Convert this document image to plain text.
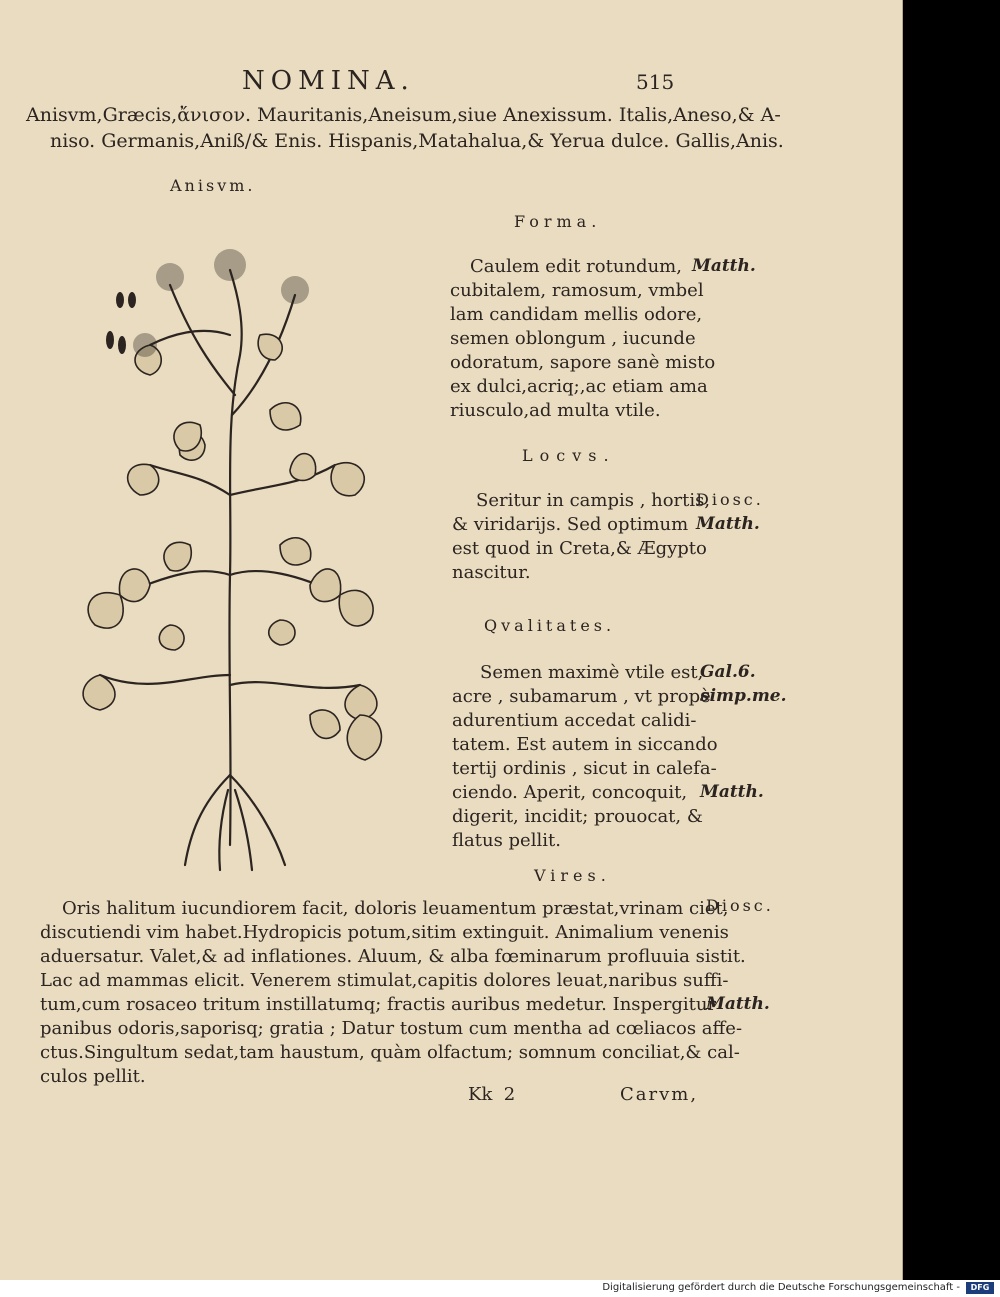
NOMINA.	515
Anisvm,Græcis,ἄνισον. Mauritanis,Aneisum,siue Anexissum. Italis,Aneso,& A-
niso. Germanis,Aniß/& Enis. Hispanis,Matahalua,& Yerua dulce. Gallis,Anis.
Anisvm.
Forma.
Caulem edit rotundum,
cubitalem, ramosum, vmbel
lam candidam mellis odore,
semen oblongum , iucunde
odoratum, sapore sanè misto
ex dulci,acriq;,ac etiam ama
riusculo,ad multa vtile.
Matth.
Locvs.
Seritur in campis , hortis,
& viridarijs. Sed optimum
est quod in Creta,& Ægypto
nascitur.
Diosc.
Matth.
Qvalitates.
Semen maximè vtile est,
acre , subamarum , vt propè
adurentium accedat calidi-
tatem. Est autem in siccando
tertij ordinis , sicut in calefa-
ciendo. Aperit, concoquit,
digerit, incidit; prouocat, &
flatus pellit.
Gal.6.
simp.me.
Matth.
Vires.
Oris halitum iucundiorem facit, doloris leuamentum præstat,vrinam ciet,
discutiendi vim habet.Hydropicis potum,sitim extinguit. Animalium venenis
aduersatur. Valet,& ad inflationes. Aluum, & alba fœminarum profluuia sistit.
Lac ad mammas elicit. Venerem stimulat,capitis dolores leuat,naribus suffi-
tum,cum rosaceo tritum instillatumq; fractis auribus medetur. Inspergitur
panibus odoris,saporisq; gratia ; Datur tostum cum mentha ad cœliacos affe-
ctus.Singultum sedat,tam haustum, quàm olfactum; somnum conciliat,& cal-
culos pellit.
Diosc.
Matth.
Kk  2	Carvm,
Digitalisierung gefördert durch die Deutsche Forschungsgemeinschaft -	DFG
